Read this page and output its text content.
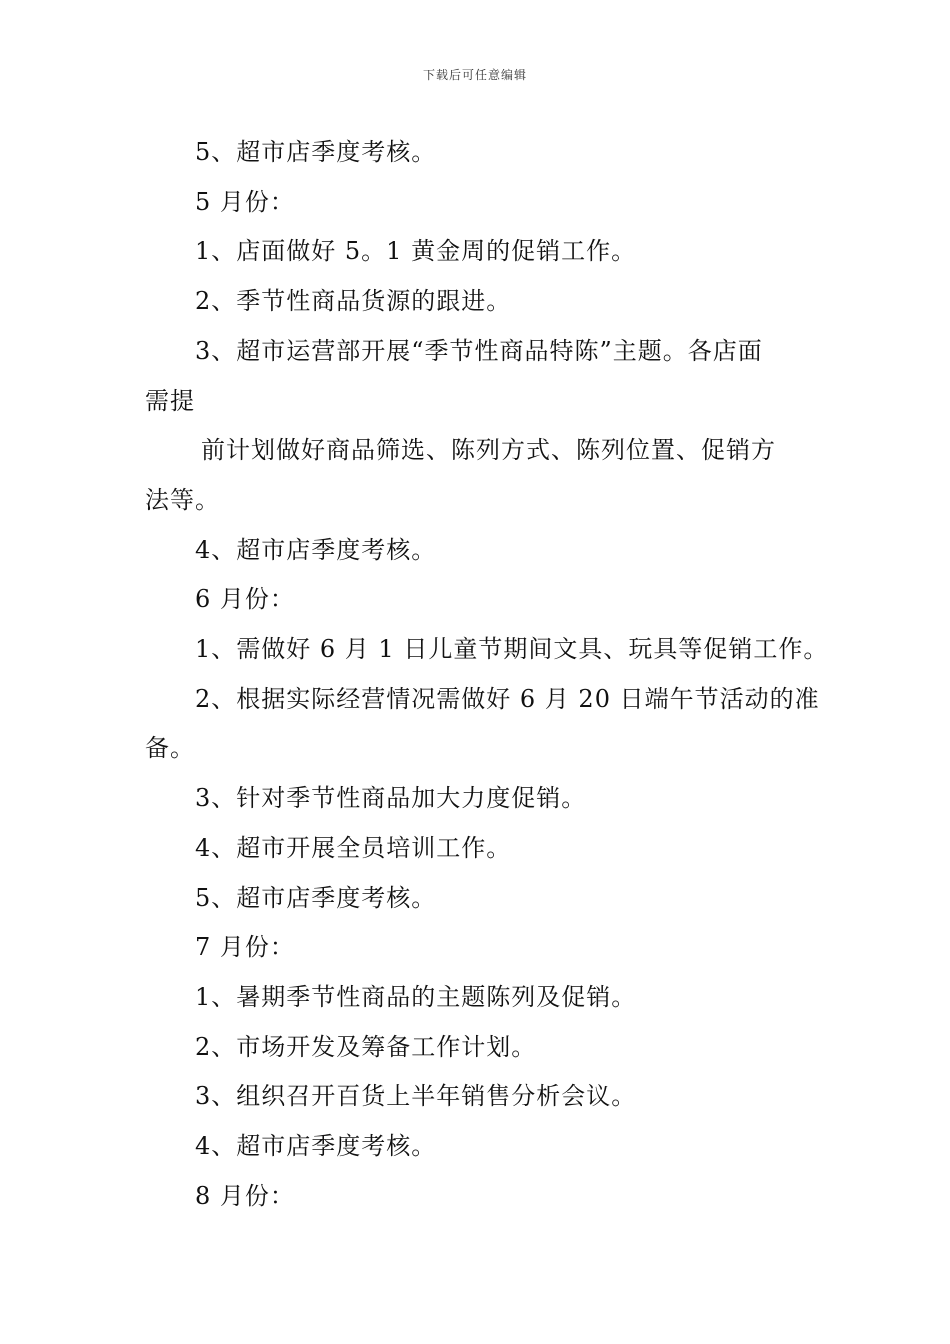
下载后可任意编辑
5、超市店季度考核。
5 月份：
1、店面做好 5。1 黄金周的促销工作。
2、季节性商品货源的跟进。
3、超市运营部开展“季节性商品特陈”主题。各店面
需提
前计划做好商品筛选、陈列方式、陈列位置、促销方
法等。
4、超市店季度考核。
6 月份：
1、需做好 6 月 1 日儿童节期间文具、玩具等促销工作。
2、根据实际经营情况需做好 6 月 20 日端午节活动的准
备。
3、针对季节性商品加大力度促销。
4、超市开展全员培训工作。
5、超市店季度考核。
7 月份：
1、暑期季节性商品的主题陈列及促销。
2、市场开发及筹备工作计划。
3、组织召开百货上半年销售分析会议。
4、超市店季度考核。
8 月份：
